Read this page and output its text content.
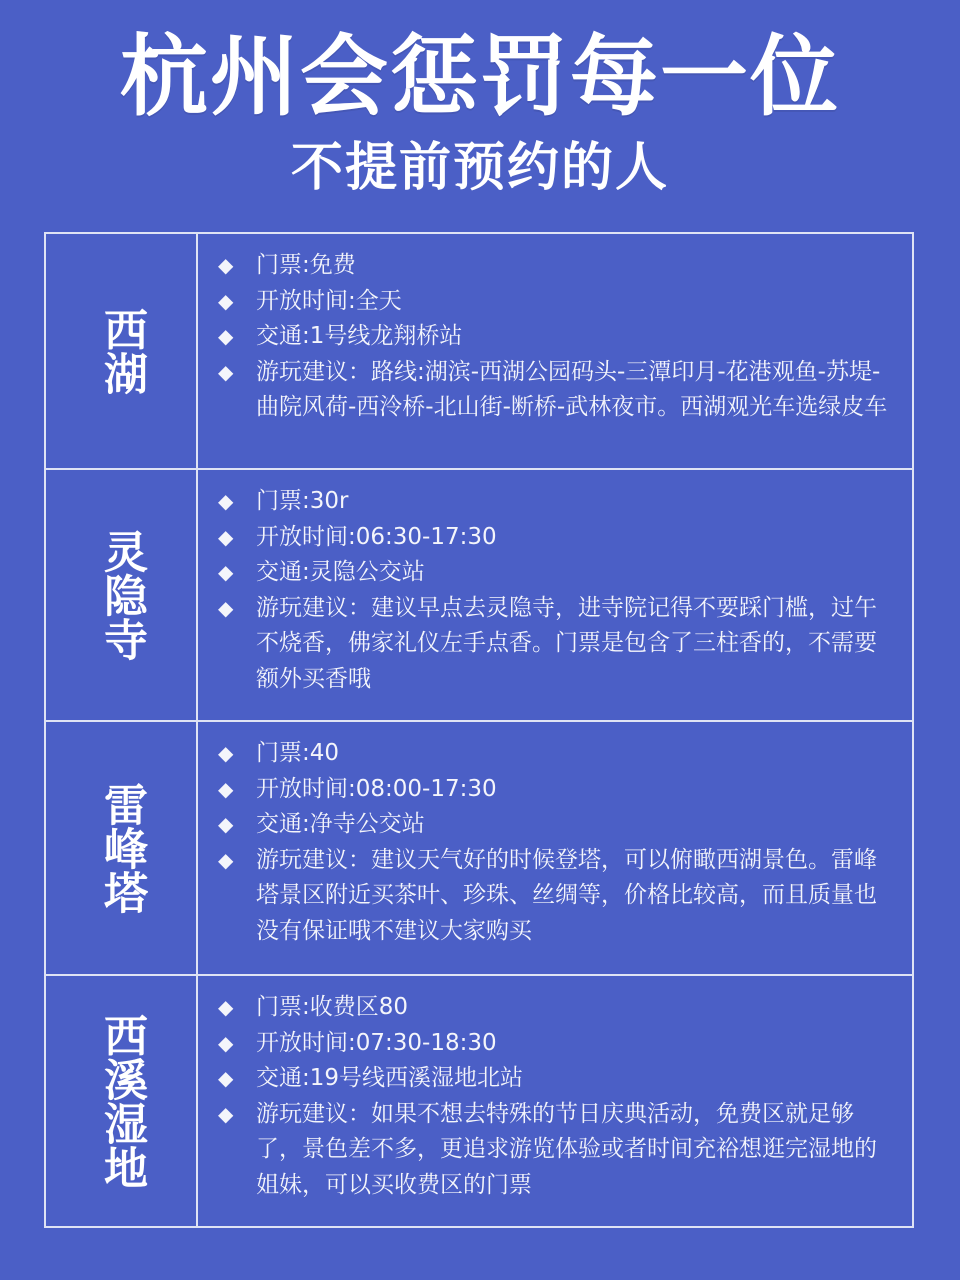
杭州会惩罚每一位
不提前预约的人
西湖
◆ 门票:免费
◆ 开放时间:全天
◆ 交通:1号线龙翔桥站
◆ 游玩建议：路线:湖滨-西湖公园码头-三潭印月-花港观鱼-苏堤-曲院风荷-西泠桥-北山街-断桥-武林夜市。西湖观光车选绿皮车
灵隐寺
◆ 门票:30r
◆ 开放时间:06:30-17:30
◆ 交通:灵隐公交站
◆ 游玩建议：建议早点去灵隐寺，进寺院记得不要踩门槛，过午不烧香，佛家礼仪左手点香。门票是包含了三柱香的，不需要额外买香哦
雷峰塔
◆ 门票:40
◆ 开放时间:08:00-17:30
◆ 交通:净寺公交站
◆ 游玩建议：建议天气好的时候登塔，可以俯瞰西湖景色。雷峰塔景区附近买茶叶、珍珠、丝绸等，价格比较高，而且质量也没有保证哦不建议大家购买
西溪湿地
◆ 门票:收费区80
◆ 开放时间:07:30-18:30
◆ 交通:19号线西溪湿地北站
◆ 游玩建议：如果不想去特殊的节日庆典活动，免费区就足够了，景色差不多，更追求游览体验或者时间充裕想逛完湿地的姐妹，可以买收费区的门票
